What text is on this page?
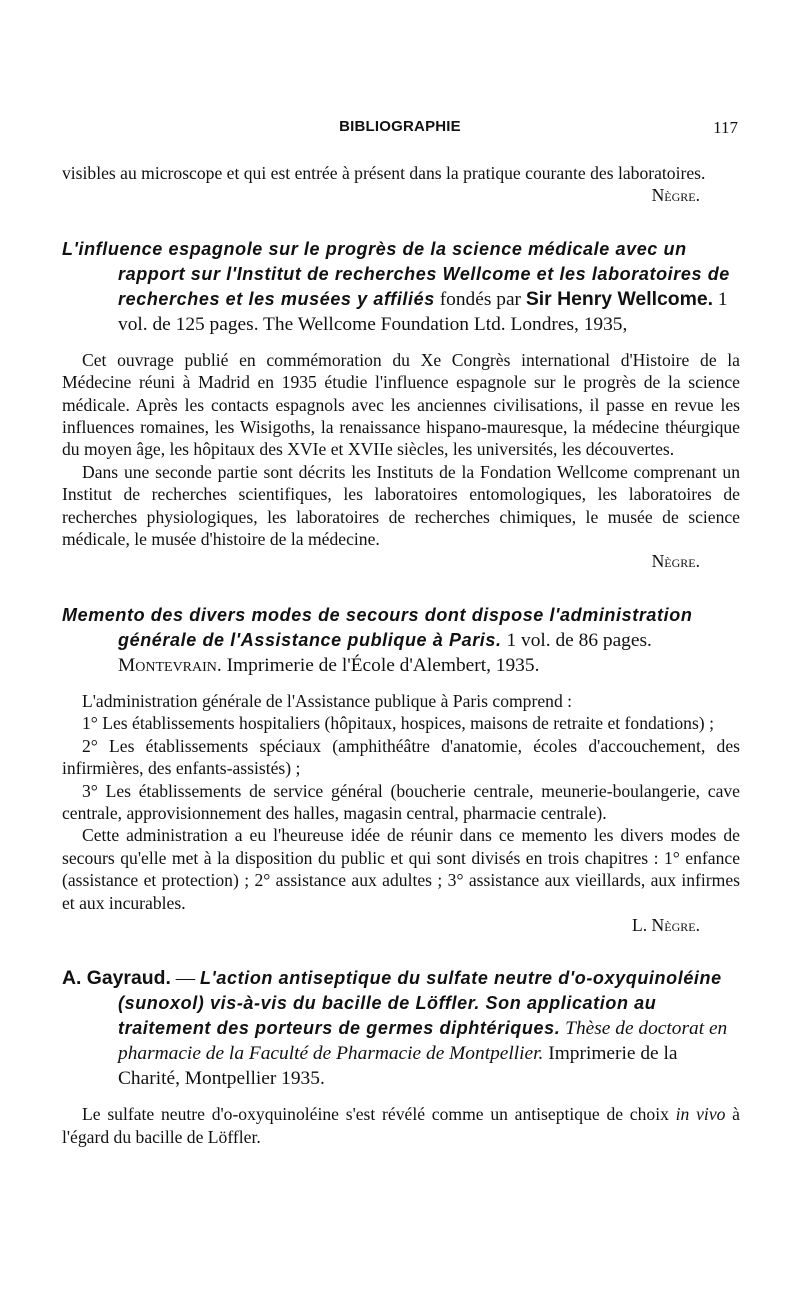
BIBLIOGRAPHIE	117

visibles au microscope et qui est entrée à présent dans la pratique courante des laboratoires.

Nègre.

L'influence espagnole sur le progrès de la science médicale avec un rapport sur l'Institut de recherches Wellcome et les laboratoires de recherches et les musées y affiliés fondés par Sir Henry Wellcome. 1 vol. de 125 pages. The Wellcome Foundation Ltd. Londres, 1935,

Cet ouvrage publié en commémoration du Xe Congrès international d'Histoire de la Médecine réuni à Madrid en 1935 étudie l'influence espagnole sur le progrès de la science médicale. Après les contacts espagnols avec les anciennes civilisations, il passe en revue les influences romaines, les Wisigoths, la renaissance hispano-mauresque, la médecine théurgique du moyen âge, les hôpitaux des XVIe et XVIIe siècles, les universités, les découvertes.

Dans une seconde partie sont décrits les Instituts de la Fondation Wellcome comprenant un Institut de recherches scientifiques, les laboratoires entomologiques, les laboratoires de recherches physiologiques, les laboratoires de recherches chimiques, le musée de science médicale, le musée d'histoire de la médecine.

Nègre.

Memento des divers modes de secours dont dispose l'administration générale de l'Assistance publique à Paris. 1 vol. de 86 pages. Montevrain. Imprimerie de l'École d'Alembert, 1935.

L'administration générale de l'Assistance publique à Paris comprend :

1° Les établissements hospitaliers (hôpitaux, hospices, maisons de retraite et fondations) ;

2° Les établissements spéciaux (amphithéâtre d'anatomie, écoles d'accouchement, des infirmières, des enfants-assistés) ;

3° Les établissements de service général (boucherie centrale, meunerie-boulangerie, cave centrale, approvisionnement des halles, magasin central, pharmacie centrale).

Cette administration a eu l'heureuse idée de réunir dans ce memento les divers modes de secours qu'elle met à la disposition du public et qui sont divisés en trois chapitres : 1° enfance (assistance et protection) ; 2° assistance aux adultes ; 3° assistance aux vieillards, aux infirmes et aux incurables.

L. Nègre.

A. Gayraud. — L'action antiseptique du sulfate neutre d'o-oxyquinoléine (sunoxol) vis-à-vis du bacille de Löffler. Son application au traitement des porteurs de germes diphtériques. Thèse de doctorat en pharmacie de la Faculté de Pharmacie de Montpellier. Imprimerie de la Charité, Montpellier 1935.

Le sulfate neutre d'o-oxyquinoléine s'est révélé comme un antiseptique de choix in vivo à l'égard du bacille de Löffler.
